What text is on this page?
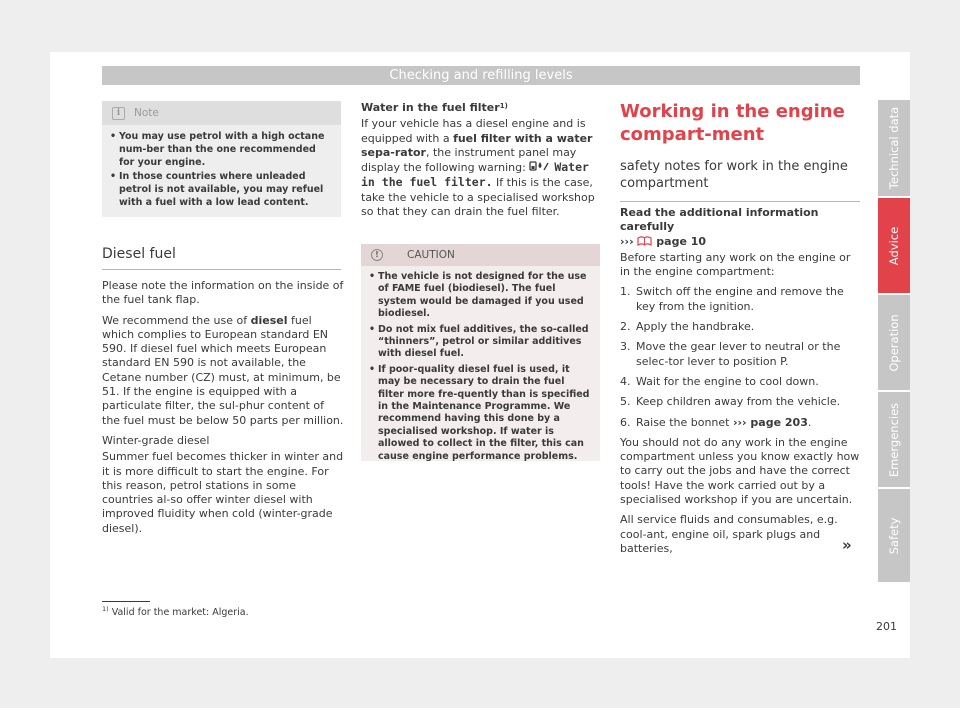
Checking and refilling levels
i	Note
• You may use petrol with a high octane num-ber than the one recommended for your engine.
• In those countries where unleaded petrol is not available, you may refuel with a fuel with a low lead content.
Diesel fuel

Please note the information on the inside of the fuel tank flap.

We recommend the use of diesel fuel which complies to European standard EN 590. If diesel fuel which meets European standard EN 590 is not available, the Cetane number (CZ) must, at minimum, be 51. If the engine is equipped with a particulate filter, the sul-phur content of the fuel must be below 50 parts per million.

Winter-grade diesel

Summer fuel becomes thicker in winter and it is more difficult to start the engine. For this reason, petrol stations in some countries al-so offer winter diesel with improved fluidity when cold (winter-grade diesel).

Water in the fuel filter$^{1)}$

If your vehicle has a diesel engine and is equipped with a fuel filter with a water sepa-rator, the instrument panel may display the following warning: Water in the fuel filter. If this is the case, take the vehicle to a specialised workshop so that they can drain the fuel filter.

!	CAUTION
• The vehicle is not designed for the use of FAME fuel (biodiesel). The fuel system would be damaged if you used biodiesel.
• Do not mix fuel additives, the so-called “thinners”, petrol or similar additives with diesel fuel.
• If poor-quality diesel fuel is used, it may be necessary to drain the fuel filter more fre-quently than is specified in the Maintenance Programme. We recommend having this done by a specialised workshop. If water is allowed to collect in the filter, this can cause engine performance problems.
Working in the engine compart-ment
safety notes for work in the engine compartment

Read the additional information carefully
›››  page 10

Before starting any work on the engine or in the engine compartment:

1. Switch off the engine and remove the key from the ignition.
2. Apply the handbrake.
3. Move the gear lever to neutral or the selec-tor lever to position P.
4. Wait for the engine to cool down.
5. Keep children away from the vehicle.
6. Raise the bonnet ››› page 203.

You should not do any work in the engine compartment unless you know exactly how to carry out the jobs and have the correct tools! Have the work carried out by a specialised workshop if you are uncertain.

All service fluids and consumables, e.g. cool-ant, engine oil, spark plugs and batteries,	»
$^{1)}$ Valid for the market: Algeria.
201
Technical data
Advice
Operation
Emergencies
Safety
